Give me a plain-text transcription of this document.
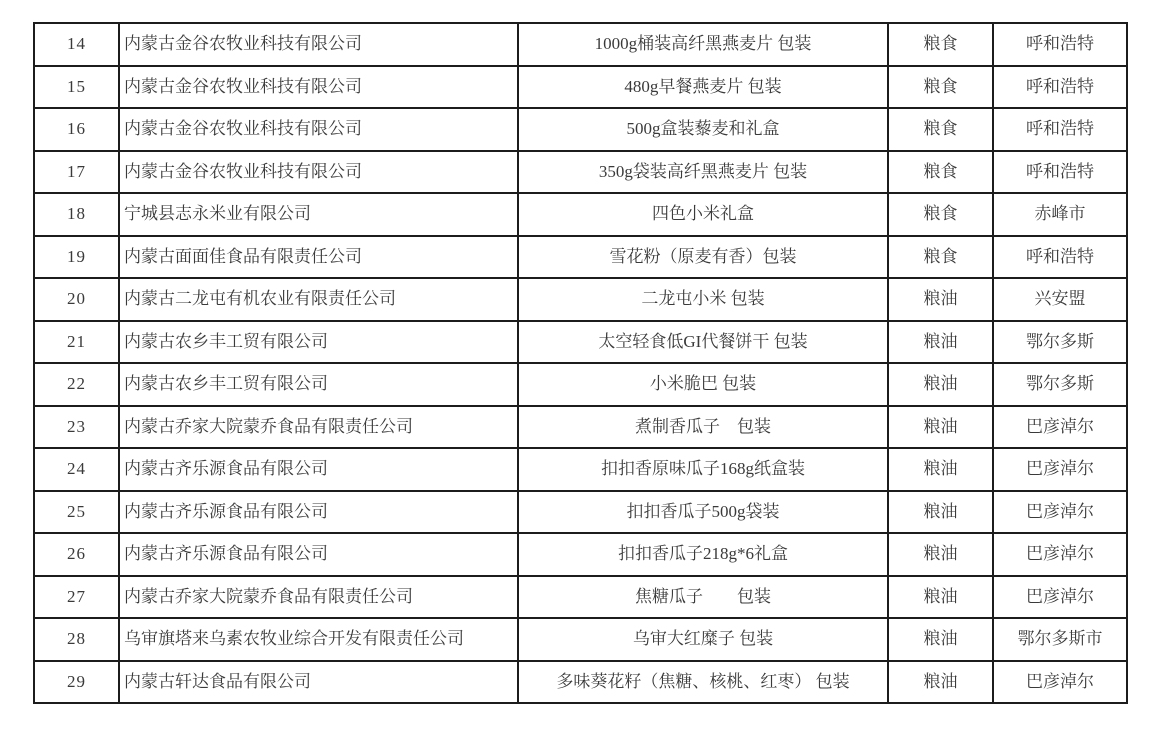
14	内蒙古金谷农牧业科技有限公司	1000g桶装高纤黑燕麦片 包装	粮食	呼和浩特
15	内蒙古金谷农牧业科技有限公司	480g早餐燕麦片 包装	粮食	呼和浩特
16	内蒙古金谷农牧业科技有限公司	500g盒装藜麦和礼盒	粮食	呼和浩特
17	内蒙古金谷农牧业科技有限公司	350g袋装高纤黑燕麦片 包装	粮食	呼和浩特
18	宁城县志永米业有限公司	四色小米礼盒	粮食	赤峰市
19	内蒙古面面佳食品有限责任公司	雪花粉（原麦有香）包装	粮食	呼和浩特
20	内蒙古二龙屯有机农业有限责任公司	二龙屯小米 包装	粮油	兴安盟
21	内蒙古农乡丰工贸有限公司	太空轻食低GI代餐饼干 包装	粮油	鄂尔多斯
22	内蒙古农乡丰工贸有限公司	小米脆巴 包装	粮油	鄂尔多斯
23	内蒙古乔家大院蒙乔食品有限责任公司	煮制香瓜子　包装	粮油	巴彦淖尔
24	内蒙古齐乐源食品有限公司	扣扣香原味瓜子168g纸盒装	粮油	巴彦淖尔
25	内蒙古齐乐源食品有限公司	扣扣香瓜子500g袋装	粮油	巴彦淖尔
26	内蒙古齐乐源食品有限公司	扣扣香瓜子218g*6礼盒	粮油	巴彦淖尔
27	内蒙古乔家大院蒙乔食品有限责任公司	焦糖瓜子　　包装	粮油	巴彦淖尔
28	乌审旗塔来乌素农牧业综合开发有限责任公司	乌审大红糜子 包装	粮油	鄂尔多斯市
29	内蒙古轩达食品有限公司	多味葵花籽（焦糖、核桃、红枣） 包装	粮油	巴彦淖尔
